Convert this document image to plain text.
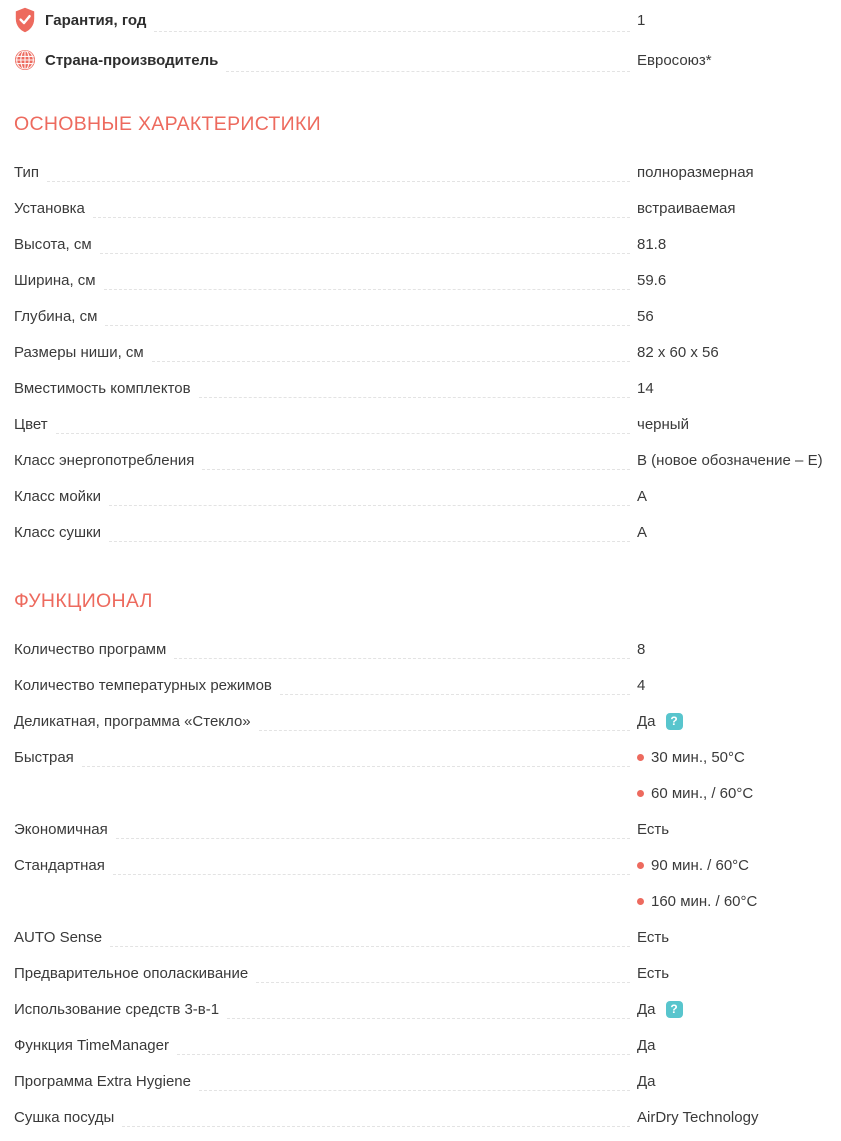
Гарантия, год	1
Страна-производитель	Евросоюз*
ОСНОВНЫЕ ХАРАКТЕРИСТИКИ
Тип	полноразмерная
Установка	встраиваемая
Высота, см	81.8
Ширина, см	59.6
Глубина, см	56
Размеры ниши, см	82 x 60 x 56
Вместимость комплектов	14
Цвет	черный
Класс энергопотребления	B (новое обозначение – E)
Класс мойки	A
Класс сушки	A
ФУНКЦИОНАЛ
Количество программ	8
Количество температурных режимов	4
Деликатная, программа «Стекло»	Да	?
Быстрая	30 мин., 50°C
60 мин., / 60°C
Экономичная	Есть
Стандартная	90 мин. / 60°C
160 мин. / 60°C
AUTO Sense	Есть
Предварительное ополаскивание	Есть
Использование средств 3-в-1	Да	?
Функция TimeManager	Да
Программа Extra Hygiene	Да
Сушка посуды	AirDry Technology
